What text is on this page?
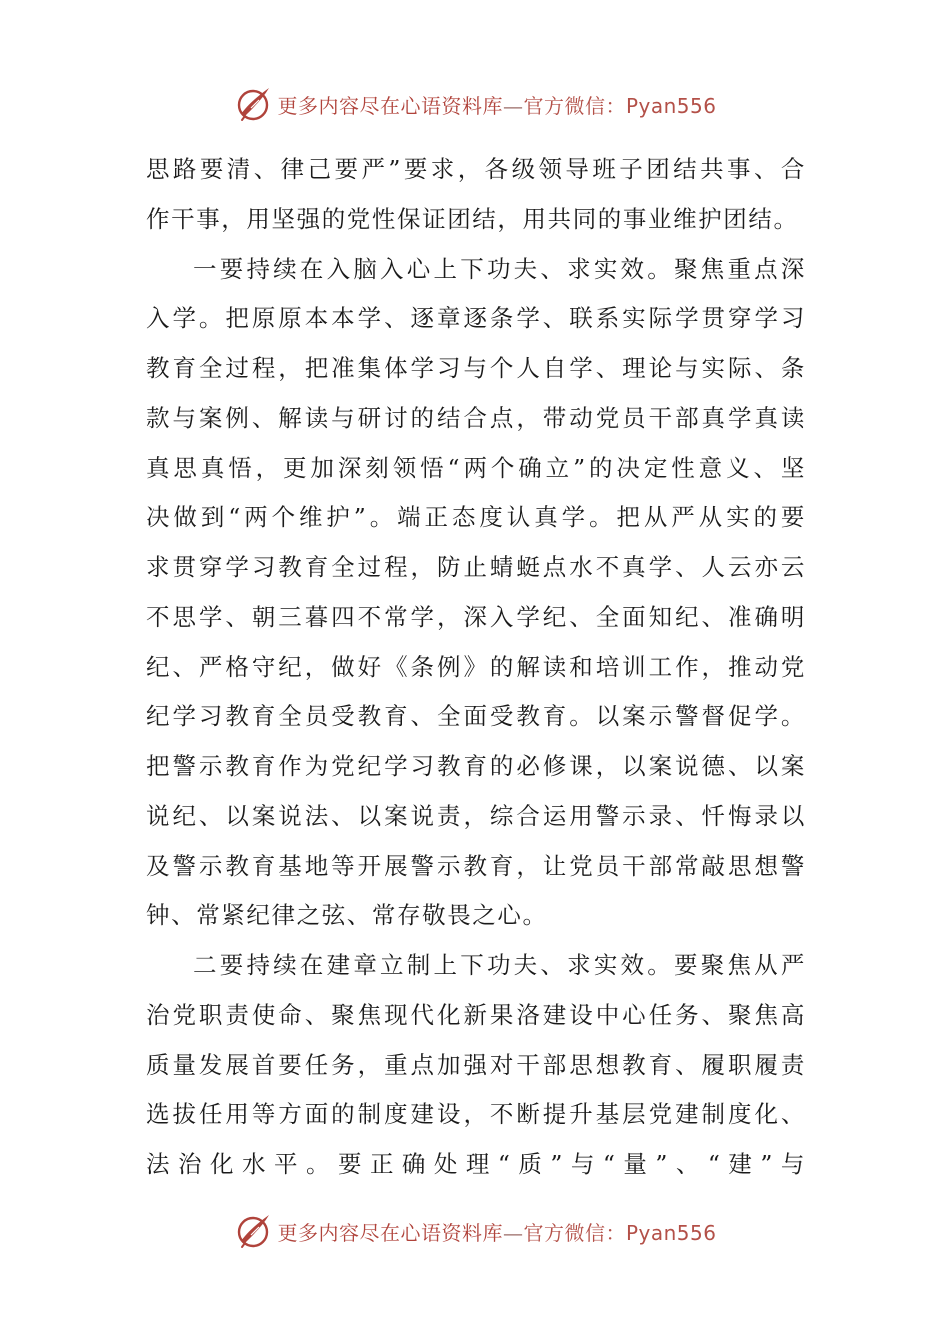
更多内容尽在心语资料库—官方微信：Pyan556

思路要清、律己要严”要求，各级领导班子团结共事、合

作干事，用坚强的党性保证团结，用共同的事业维护团结。

一要持续在入脑入心上下功夫、求实效。聚焦重点深

入学。把原原本本学、逐章逐条学、联系实际学贯穿学习

教育全过程，把准集体学习与个人自学、理论与实际、条

款与案例、解读与研讨的结合点，带动党员干部真学真读

真思真悟，更加深刻领悟“两个确立”的决定性意义、坚

决做到“两个维护”。端正态度认真学。把从严从实的要

求贯穿学习教育全过程，防止蜻蜓点水不真学、人云亦云

不思学、朝三暮四不常学，深入学纪、全面知纪、准确明

纪、严格守纪，做好《条例》的解读和培训工作，推动党

纪学习教育全员受教育、全面受教育。以案示警督促学。

把警示教育作为党纪学习教育的必修课，以案说德、以案

说纪、以案说法、以案说责，综合运用警示录、忏悔录以

及警示教育基地等开展警示教育，让党员干部常敲思想警

钟、常紧纪律之弦、常存敬畏之心。

二要持续在建章立制上下功夫、求实效。要聚焦从严

治党职责使命、聚焦现代化新果洛建设中心任务、聚焦高

质量发展首要任务，重点加强对干部思想教育、履职履责

选拔任用等方面的制度建设，不断提升基层党建制度化、

法治化水平。要正确处理“质”与“量”、“建”与

更多内容尽在心语资料库—官方微信：Pyan556
